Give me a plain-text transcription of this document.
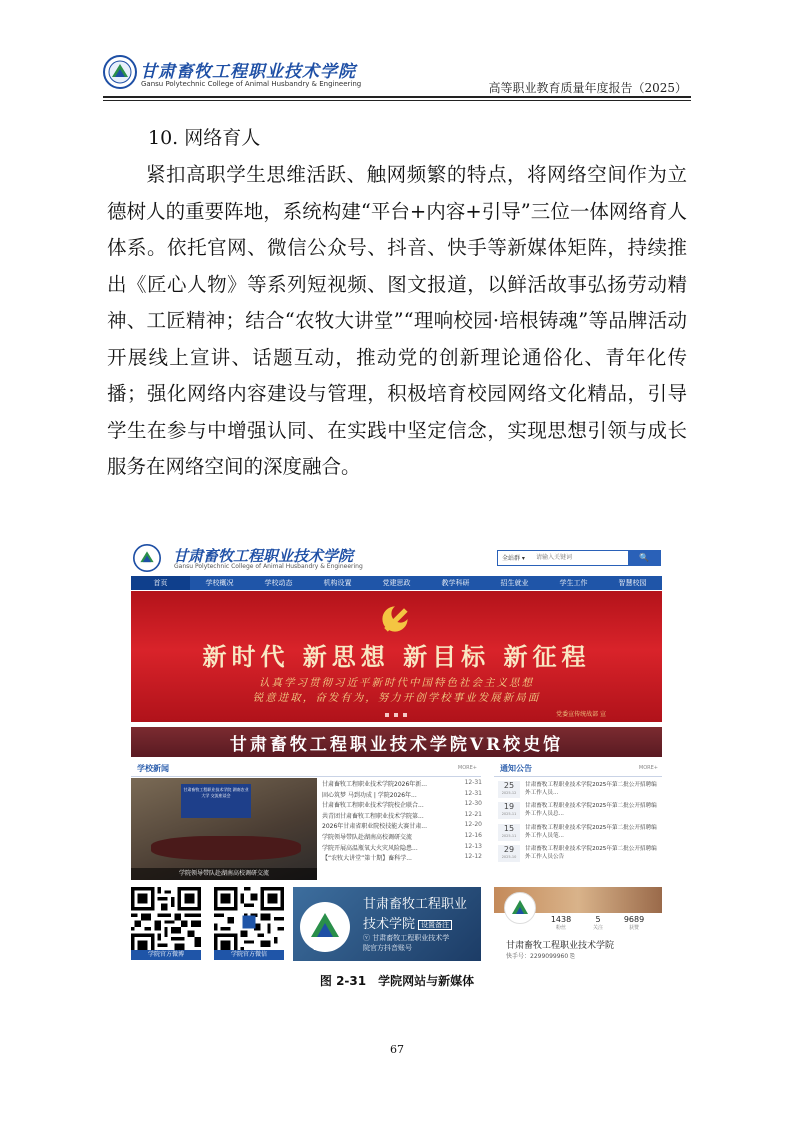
甘肃畜牧工程职业技术学院
Gansu Polytechnic College of Animal Husbandry & Engineering	高等职业教育质量年度报告（2025）
10. 网络育人

紧扣高职学生思维活跃、触网频繁的特点，将网络空间作为立德树人的重要阵地，系统构建“平台+内容+引导”三位一体网络育人体系。依托官网、微信公众号、抖音、快手等新媒体矩阵，持续推出《匠心人物》等系列短视频、图文报道，以鲜活故事弘扬劳动精神、工匠精神；结合“农牧大讲堂”“理响校园·培根铸魂”等品牌活动开展线上宣讲、话题互动，推动党的创新理论通俗化、青年化传播；强化网络内容建设与管理，积极培育校园网络文化精品，引导学生在参与中增强认同、在实践中坚定信念，实现思想引领与成长服务在网络空间的深度融合。

甘肃畜牧工程职业技术学院
Gansu Polytechnic College of Animal Husbandry & Engineering
全站群 ▾
请输入关键词	🔍
首页	学校概况	学校动态	机构设置	党建思政	教学科研	招生就业	学生工作	智慧校园
新时代 新思想 新目标 新征程
认真学习贯彻习近平新时代中国特色社会主义思想
锐意进取，奋发有为，努力开创学校事业发展新局面
党委宣传统战部 宣
甘肃畜牧工程职业技术学院VR校史馆
学校新闻	MORE+	通知公告	MORE+
甘肃畜牧工程职业技术学院 湖南农业大学 交流座谈会
学院领导带队赴湖南高校调研交流
甘肃畜牧工程职业技术学院2026年新...	12-31
固心筑梦 马到功成 | 学院2026年...	12-31
甘肃畜牧工程职业技术学院校企联合...	12-30
共青团甘肃畜牧工程职业技术学院第...	12-21
2026年甘肃省职业院校技能大赛甘肃...	12-20
学院领导带队赴湖南高校调研交流	12-16
学院开展高温瓶氧大火灾风险隐患...	12-13
【“农牧大讲堂”第十期】畜科学...	12-12
25
2025-12
甘肃畜牧工程职业技术学院2025年第二批公开招聘编外工作人员...
19
2025-11
甘肃畜牧工程职业技术学院2025年第二批公开招聘编外工作人员总...
15
2025-11
甘肃畜牧工程职业技术学院2025年第二批公开招聘编外工作人员笔...
29
2025-10
甘肃畜牧工程职业技术学院2025年第二批公开招聘编外工作人员公告
学院官方微博	学院官方微信
1952
甘肃畜牧工程职业
技术学院 设置备注
ⓥ 甘肃畜牧工程职业技术学
院官方抖音账号
1438
粉丝
5
关注
9689
获赞
甘肃畜牧工程职业技术学院
快手号：2299099960 ⎘
图 2-31　学院网站与新媒体
67
